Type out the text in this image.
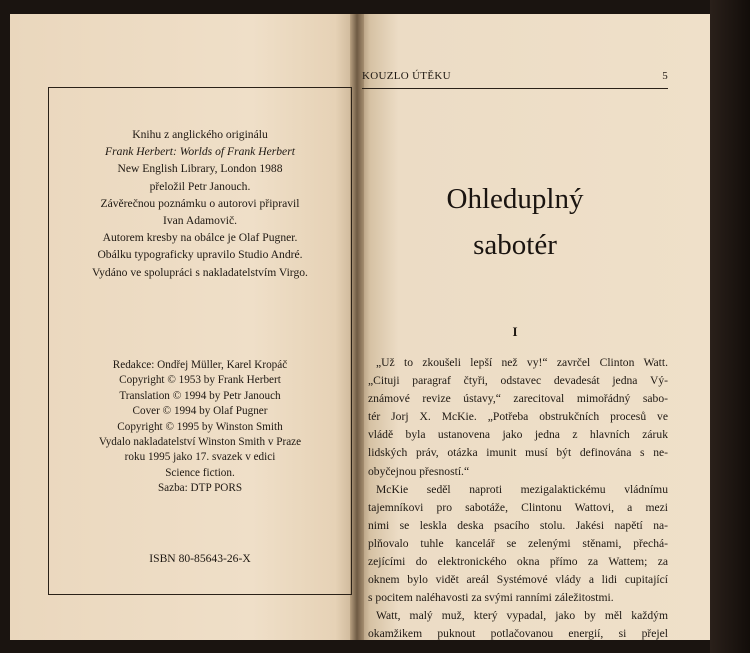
Knihu z anglického originálu
Frank Herbert: Worlds of Frank Herbert
New English Library, London 1988
přeložil Petr Janouch.
Závěrečnou poznámku o autorovi připravil
Ivan Adamovič.
Autorem kresby na obálce je Olaf Pugner.
Obálku typograficky upravilo Studio André.
Vydáno ve spolupráci s nakladatelstvím Virgo.
Redakce: Ondřej Müller, Karel Kropáč
Copyright © 1953 by Frank Herbert
Translation © 1994 by Petr Janouch
Cover © 1994 by Olaf Pugner
Copyright © 1995 by Winston Smith
Vydalo nakladatelství Winston Smith v Praze
roku 1995 jako 17. svazek v edici
Science fiction.
Sazba: DTP PORS
ISBN 80-85643-26-X
KOUZLO ÚTĚKU	5
Ohleduplný
sabotér
I
„Už to zkoušeli lepší než vy!“ zavrčel Clinton Watt.
„Cituji paragraf čtyři, odstavec devadesát jedna Vý-
známové revize ústavy,“ zarecitoval mimořádný sabo-
tér Jorj X. McKie. „Potřeba obstrukčních procesů ve
vládě byla ustanovena jako jedna z hlavních záruk
lidských práv, otázka imunit musí být definována s ne-
obyčejnou přesností.“
McKie seděl naproti mezigalaktickému vládnímu
tajemníkovi pro sabotáže, Clintonu Wattovi, a mezi
nimi se leskla deska psacího stolu. Jakési napětí na-
plňovalo tuhle kancelář se zelenými stěnami, přechá-
zejícími do elektronického okna přímo za Wattem; za
oknem bylo vidět areál Systémové vlády a lidi cupitající
s pocitem naléhavosti za svými ranními záležitostmi.
Watt, malý muž, který vypadal, jako by měl každým
okamžikem puknout potlačovanou energií, si přejel
